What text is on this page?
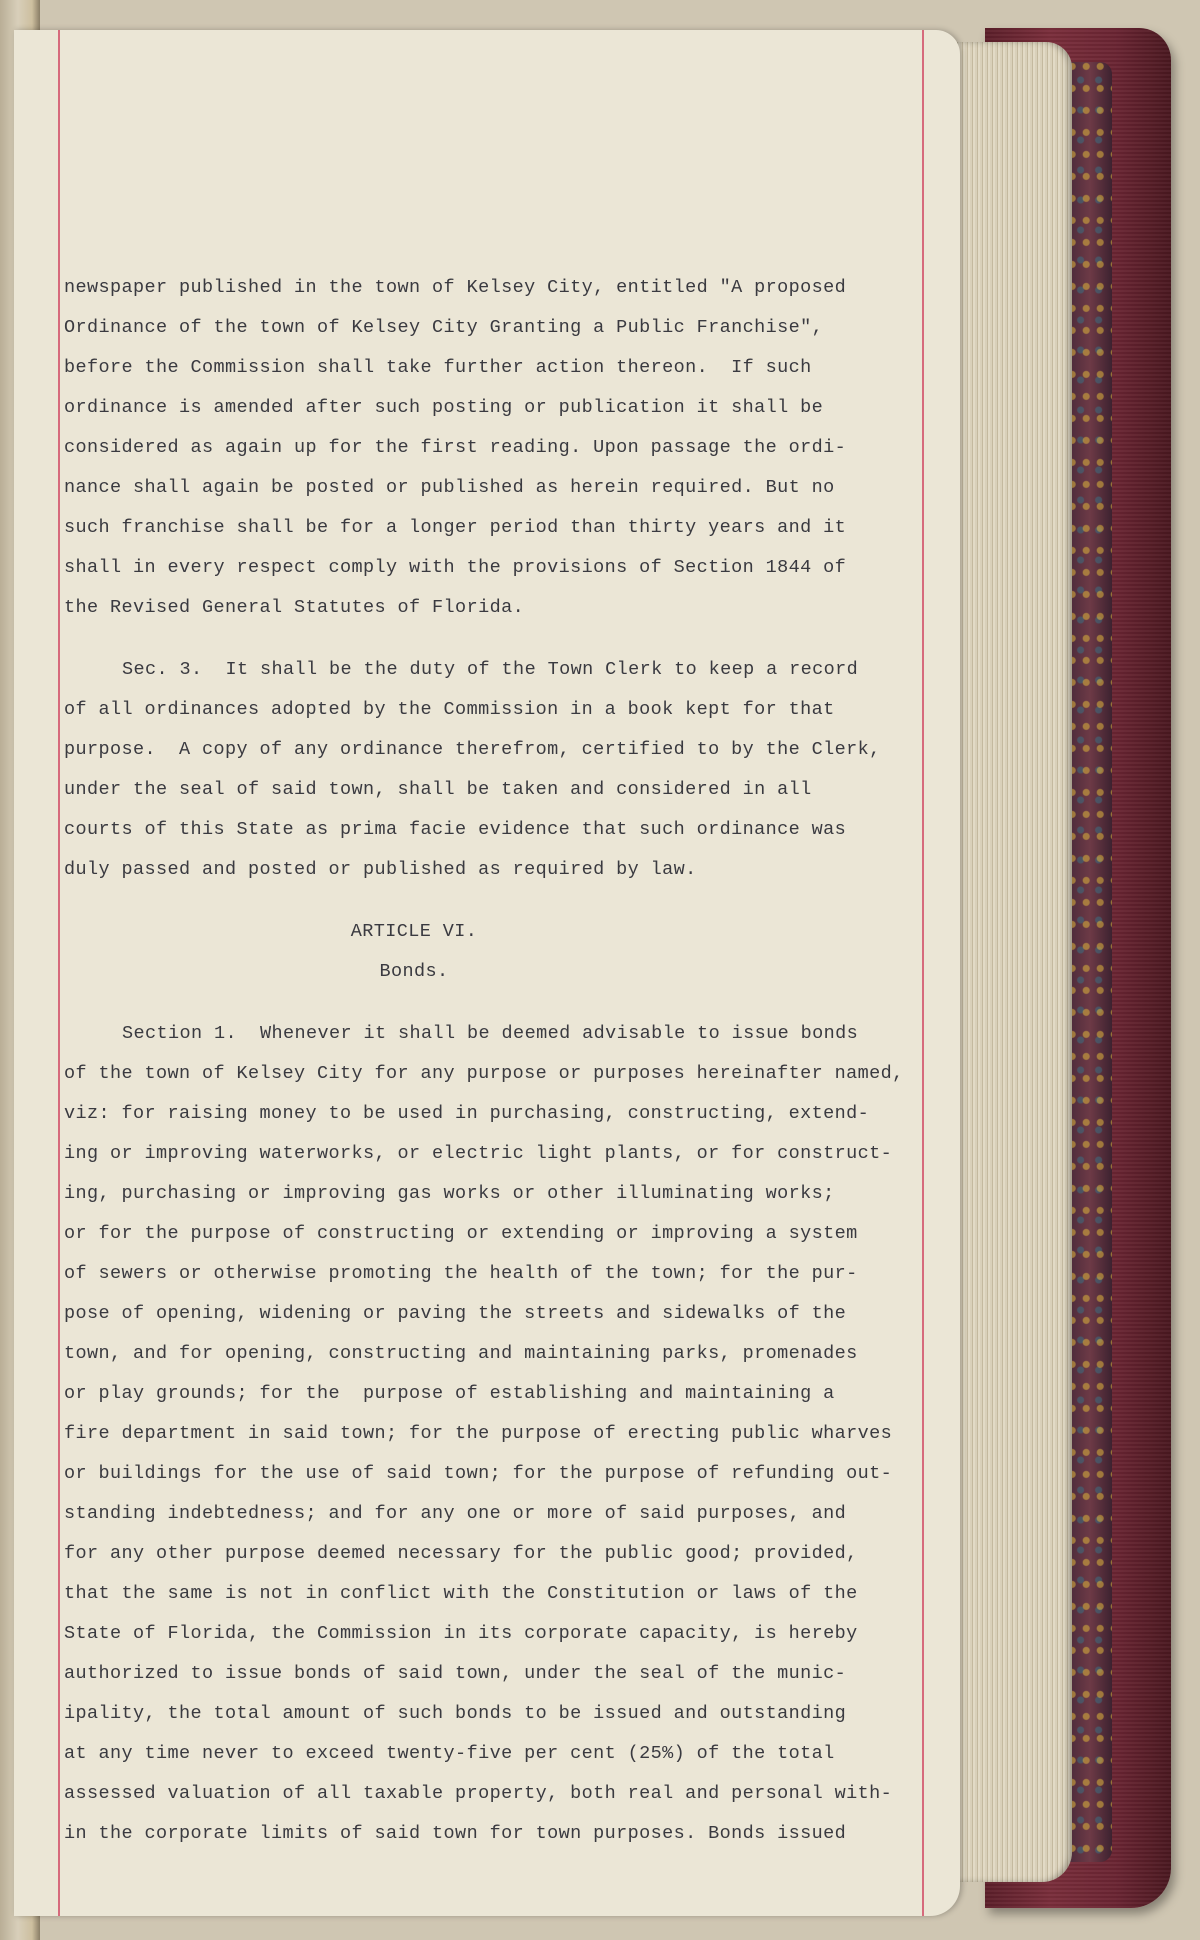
newspaper published in the town of Kelsey City, entitled "A proposed
Ordinance of the town of Kelsey City Granting a Public Franchise",
before the Commission shall take further action thereon.  If such
ordinance is amended after such posting or publication it shall be
considered as again up for the first reading. Upon passage the ordi-
nance shall again be posted or published as herein required. But no
such franchise shall be for a longer period than thirty years and it
shall in every respect comply with the provisions of Section 1844 of
the Revised General Statutes of Florida.
Sec. 3.  It shall be the duty of the Town Clerk to keep a record
of all ordinances adopted by the Commission in a book kept for that
purpose.  A copy of any ordinance therefrom, certified to by the Clerk,
under the seal of said town, shall be taken and considered in all
courts of this State as prima facie evidence that such ordinance was
duly passed and posted or published as required by law.
ARTICLE VI.
Bonds.
Section 1.  Whenever it shall be deemed advisable to issue bonds
of the town of Kelsey City for any purpose or purposes hereinafter named,
viz: for raising money to be used in purchasing, constructing, extend-
ing or improving waterworks, or electric light plants, or for construct-
ing, purchasing or improving gas works or other illuminating works;
or for the purpose of constructing or extending or improving a system
of sewers or otherwise promoting the health of the town; for the pur-
pose of opening, widening or paving the streets and sidewalks of the
town, and for opening, constructing and maintaining parks, promenades
or play grounds; for the  purpose of establishing and maintaining a
fire department in said town; for the purpose of erecting public wharves
or buildings for the use of said town; for the purpose of refunding out-
standing indebtedness; and for any one or more of said purposes, and
for any other purpose deemed necessary for the public good; provided,
that the same is not in conflict with the Constitution or laws of the
State of Florida, the Commission in its corporate capacity, is hereby
authorized to issue bonds of said town, under the seal of the munic-
ipality, the total amount of such bonds to be issued and outstanding
at any time never to exceed twenty-five per cent (25%) of the total
assessed valuation of all taxable property, both real and personal with-
in the corporate limits of said town for town purposes. Bonds issued
